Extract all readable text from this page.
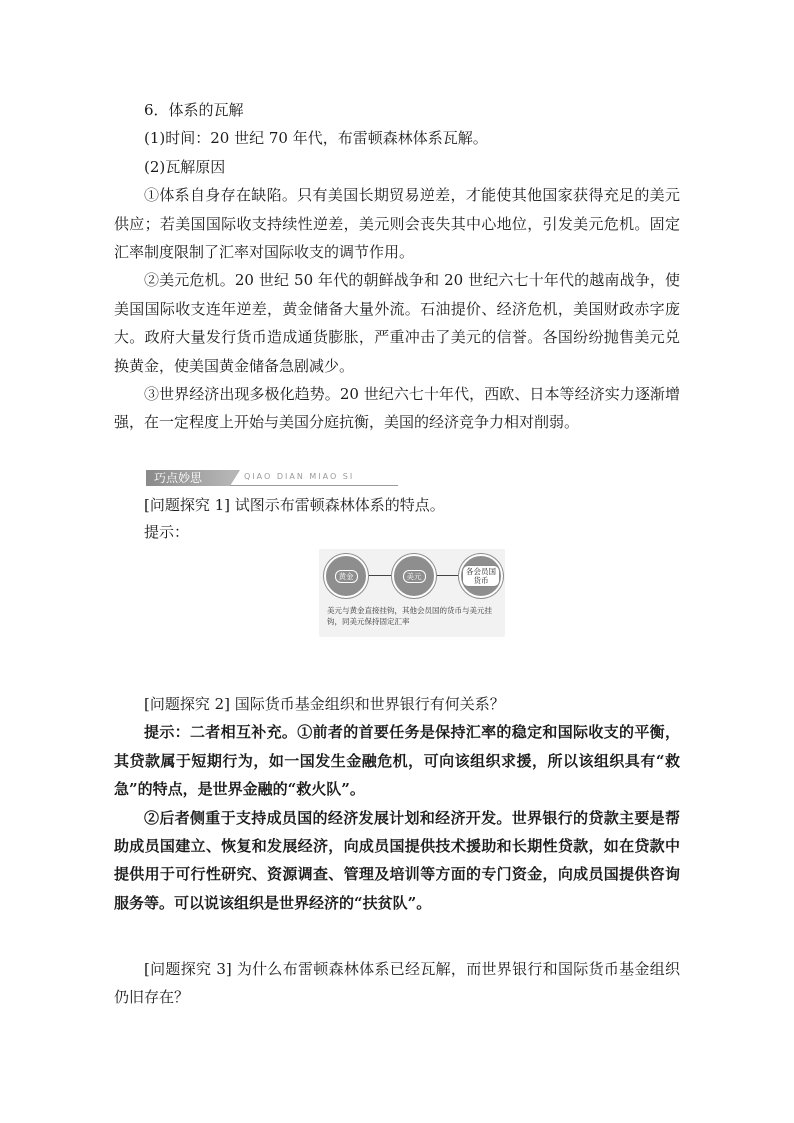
6．体系的瓦解

(1)时间：20 世纪 70 年代，布雷顿森林体系瓦解。

(2)瓦解原因

①体系自身存在缺陷。只有美国长期贸易逆差，才能使其他国家获得充足的美元供应；若美国国际收支持续性逆差，美元则会丧失其中心地位，引发美元危机。固定汇率制度限制了汇率对国际收支的调节作用。

②美元危机。20 世纪 50 年代的朝鲜战争和 20 世纪六七十年代的越南战争，使美国国际收支连年逆差，黄金储备大量外流。石油提价、经济危机，美国财政赤字庞大。政府大量发行货币造成通货膨胀，严重冲击了美元的信誉。各国纷纷抛售美元兑换黄金，使美国黄金储备急剧减少。

③世界经济出现多极化趋势。20 世纪六七十年代，西欧、日本等经济实力逐渐增强，在一定程度上开始与美国分庭抗衡，美国的经济竞争力相对削弱。

巧点妙思	QIAO DIAN MIAO SI

[问题探究 1] 试图示布雷顿森林体系的特点。

提示：

黄金	美元	各会员国
货币
美元与黄金直接挂钩，其他会员国的货币与美元挂钩，同美元保持固定汇率

[问题探究 2] 国际货币基金组织和世界银行有何关系？

提示：二者相互补充。①前者的首要任务是保持汇率的稳定和国际收支的平衡，其贷款属于短期行为，如一国发生金融危机，可向该组织求援，所以该组织具有“救急”的特点，是世界金融的“救火队”。

②后者侧重于支持成员国的经济发展计划和经济开发。世界银行的贷款主要是帮助成员国建立、恢复和发展经济，向成员国提供技术援助和长期性贷款，如在贷款中提供用于可行性研究、资源调查、管理及培训等方面的专门资金，向成员国提供咨询服务等。可以说该组织是世界经济的“扶贫队”。

[问题探究 3] 为什么布雷顿森林体系已经瓦解，而世界银行和国际货币基金组织仍旧存在？
